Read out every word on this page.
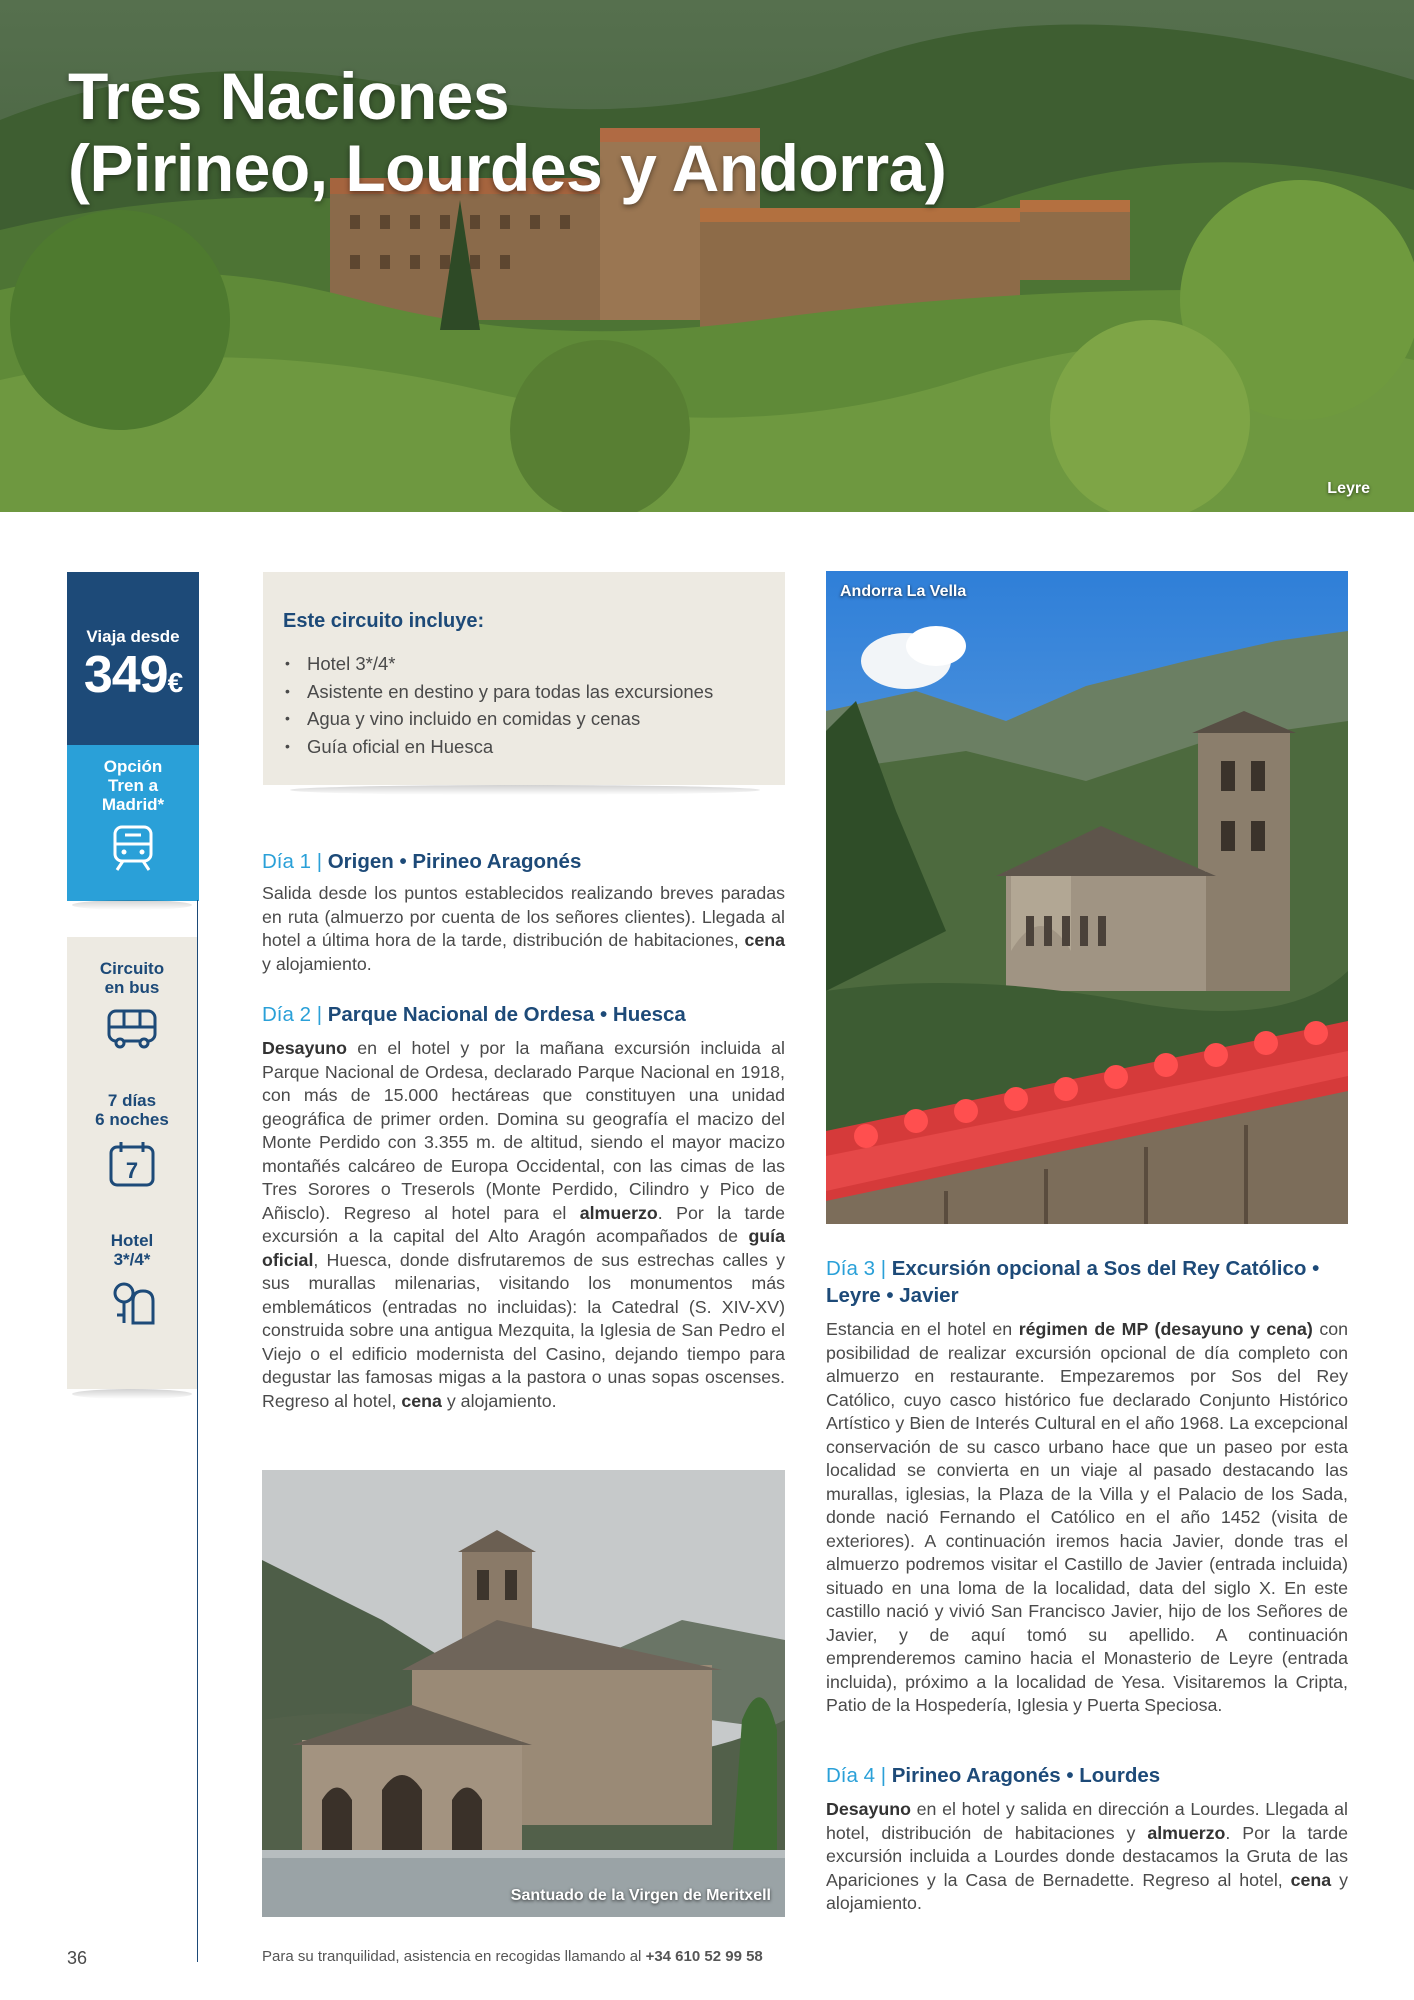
Tres Naciones
(Pirineo, Lourdes y Andorra)
Leyre
Viaja desde
349€
Opción
Tren a
Madrid*
Circuito
en bus
7 días
6 noches
7
Hotel
3*/4*
36
Este circuito incluye:
• Hotel 3*/4*
• Asistente en destino y para todas las excursiones
• Agua y vino incluido en comidas y cenas
• Guía oficial en Huesca
Día 1 | Origen • Pirineo Aragonés

Salida desde los puntos establecidos realizando breves paradas en ruta (almuerzo por cuenta de los señores clientes). Llegada al hotel a última hora de la tarde, distribución de habitaciones, cena y alojamiento.

Día 2 | Parque Nacional de Ordesa • Huesca

Desayuno en el hotel y por la mañana excursión incluida al Parque Nacional de Ordesa, declarado Parque Nacional en 1918, con más de 15.000 hectáreas que constituyen una unidad geográfica de primer orden. Domina su geografía el macizo del Monte Perdido con 3.355 m. de altitud, siendo el mayor macizo montañés calcáreo de Europa Occidental, con las cimas de las Tres Sorores o Treserols (Monte Perdido, Cilindro y Pico de Añisclo). Regreso al hotel para el almuerzo. Por la tarde excursión a la capital del Alto Aragón acompañados de guía oficial, Huesca, donde disfrutaremos de sus estrechas calles y sus murallas milenarias, visitando los monumentos más emblemáticos (entradas no incluidas): la Catedral (S. XIV-XV) construida sobre una antigua Mezquita, la Iglesia de San Pedro el Viejo o el edificio modernista del Casino, dejando tiempo para degustar las famosas migas a la pastora o unas sopas oscenses. Regreso al hotel, cena y alojamiento.

Santuado de la Virgen de Meritxell
Andorra La Vella
Día 3 | Excursión opcional a Sos del Rey Católico • Leyre • Javier

Estancia en el hotel en régimen de MP (desayuno y cena) con posibilidad de realizar excursión opcional de día completo con almuerzo en restaurante. Empezaremos por Sos del Rey Católico, cuyo casco histórico fue declarado Conjunto Histórico Artístico y Bien de Interés Cultural en el año 1968. La excepcional conservación de su casco urbano hace que un paseo por esta localidad se convierta en un viaje al pasado destacando las murallas, iglesias, la Plaza de la Villa y el Palacio de los Sada, donde nació Fernando el Católico en el año 1452 (visita de exteriores). A continuación iremos hacia Javier, donde tras el almuerzo podremos visitar el Castillo de Javier (entrada incluida) situado en una loma de la localidad, data del siglo X. En este castillo nació y vivió San Francisco Javier, hijo de los Señores de Javier, y de aquí tomó su apellido. A continuación emprenderemos camino hacia el Monasterio de Leyre (entrada incluida), próximo a la localidad de Yesa. Visitaremos la Cripta, Patio de la Hospedería, Iglesia y Puerta Speciosa.

Día 4 | Pirineo Aragonés • Lourdes

Desayuno en el hotel y salida en dirección a Lourdes. Llegada al hotel, distribución de habitaciones y almuerzo. Por la tarde excursión incluida a Lourdes donde destacamos la Gruta de las Apariciones y la Casa de Bernadette. Regreso al hotel, cena y alojamiento.

Para su tranquilidad, asistencia en recogidas llamando al +34 610 52 99 58
